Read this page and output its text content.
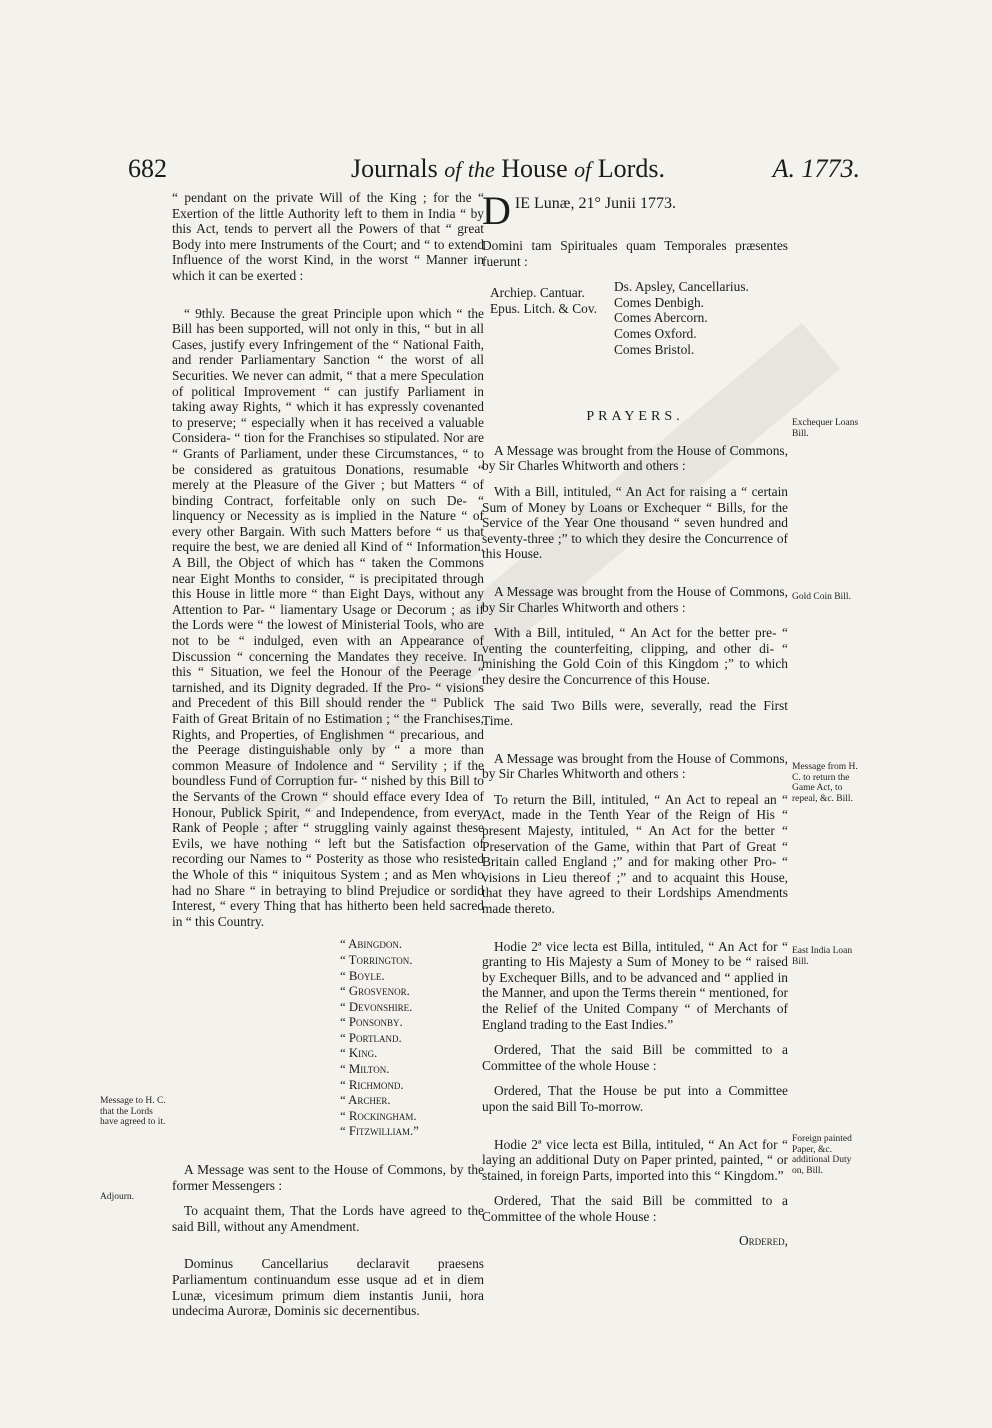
682	Journals of the House of Lords.	A. 1773.

“ pendant on the private Will of the King ; for the “ Exertion of the little Authority left to them in India “ by this Act, tends to pervert all the Powers of that “ great Body into mere Instruments of the Court; and “ to extend Influence of the worst Kind, in the worst “ Manner in which it can be exerted :

“ 9thly. Because the great Principle upon which “ the Bill has been supported, will not only in this, “ but in all Cases, justify every Infringement of the “ National Faith, and render Parliamentary Sanction “ the worst of all Securities. We never can admit, “ that a mere Speculation of political Improvement “ can justify Parliament in taking away Rights, “ which it has expressly covenanted to preserve; “ especially when it has received a valuable Considera- “ tion for the Franchises so stipulated. Nor are “ Grants of Parliament, under these Circumstances, “ to be considered as gratuitous Donations, resumable “ merely at the Pleasure of the Giver ; but Matters “ of binding Contract, forfeitable only on such De- “ linquency or Necessity as is implied in the Nature “ of every other Bargain. With such Matters before “ us that require the best, we are denied all Kind of “ Information. A Bill, the Object of which has “ taken the Commons near Eight Months to consider, “ is precipitated through this House in little more “ than Eight Days, without any Attention to Par- “ liamentary Usage or Decorum ; as if the Lords were “ the lowest of Ministerial Tools, who are not to be “ indulged, even with an Appearance of Discussion “ concerning the Mandates they receive. In this “ Situation, we feel the Honour of the Peerage “ tarnished, and its Dignity degraded. If the Pro- “ visions and Precedent of this Bill should render the “ Publick Faith of Great Britain of no Estimation ; “ the Franchises, Rights, and Properties, of Englishmen “ precarious, and the Peerage distinguishable only by “ a more than common Measure of Indolence and “ Servility ; if the boundless Fund of Corruption fur- “ nished by this Bill to the Servants of the Crown “ should efface every Idea of Honour, Publick Spirit, “ and Independence, from every Rank of People ; after “ struggling vainly against these Evils, we have nothing “ left but the Satisfaction of recording our Names to “ Posterity as those who resisted the Whole of this “ iniquitous System ; and as Men who had no Share “ in betraying to blind Prejudice or sordid Interest, “ every Thing that has hitherto been held sacred in “ this Country.

“ Abingdon.
“ Torrington.
“ Boyle.
“ Grosvenor.
“ Devonshire.
“ Ponsonby.
“ Portland.
“ King.
“ Milton.
“ Richmond.
“ Archer.
“ Rockingham.
“ Fitzwilliam.”

A Message was sent to the House of Commons, by the former Messengers :

To acquaint them, That the Lords have agreed to the said Bill, without any Amendment.

Dominus Cancellarius declaravit praesens Parliamentum continuandum esse usque ad et in diem Lunæ, vicesimum primum diem instantis Junii, hora undecima Auroræ, Dominis sic decernentibus.

Message to H. C. that the Lords have agreed to it.
Adjourn.
D IE Lunæ, 21° Junii 1773.

Domini tam Spirituales quam Temporales præsentes fuerunt :

Archiep. Cantuar. Epus. Litch. & Cov.
Ds. Apsley, Cancellarius.
Comes Denbigh.
Comes Abercorn.
Comes Oxford.
Comes Bristol.
PRAYERS.

A Message was brought from the House of Commons, by Sir Charles Whitworth and others :

With a Bill, intituled, “ An Act for raising a “ certain Sum of Money by Loans or Exchequer “ Bills, for the Service of the Year One thousand “ seven hundred and seventy-three ;” to which they desire the Concurrence of this House.

A Message was brought from the House of Commons, by Sir Charles Whitworth and others :

With a Bill, intituled, “ An Act for the better pre- “ venting the counterfeiting, clipping, and other di- “ minishing the Gold Coin of this Kingdom ;” to which they desire the Concurrence of this House.

The said Two Bills were, severally, read the First Time.

A Message was brought from the House of Commons, by Sir Charles Whitworth and others :

To return the Bill, intituled, “ An Act to repeal an “ Act, made in the Tenth Year of the Reign of His “ present Majesty, intituled, “ An Act for the better “ Preservation of the Game, within that Part of Great “ Britain called England ;” and for making other Pro- “ visions in Lieu thereof ;” and to acquaint this House, that they have agreed to their Lordships Amendments made thereto.

Hodie 2ª vice lecta est Billa, intituled, “ An Act for “ granting to His Majesty a Sum of Money to be “ raised by Exchequer Bills, and to be advanced and “ applied in the Manner, and upon the Terms therein “ mentioned, for the Relief of the United Company “ of Merchants of England trading to the East Indies.”

Ordered, That the said Bill be committed to a Committee of the whole House :

Ordered, That the House be put into a Committee upon the said Bill To-morrow.

Hodie 2ª vice lecta est Billa, intituled, “ An Act for “ laying an additional Duty on Paper printed, painted, “ or stained, in foreign Parts, imported into this “ Kingdom.”

Ordered, That the said Bill be committed to a Committee of the whole House :

Ordered,
Exchequer Loans Bill.
Gold Coin Bill.
Message from H. C. to return the Game Act, to repeal, &c. Bill.
East India Loan Bill.
Foreign painted Paper, &c. additional Duty on, Bill.
